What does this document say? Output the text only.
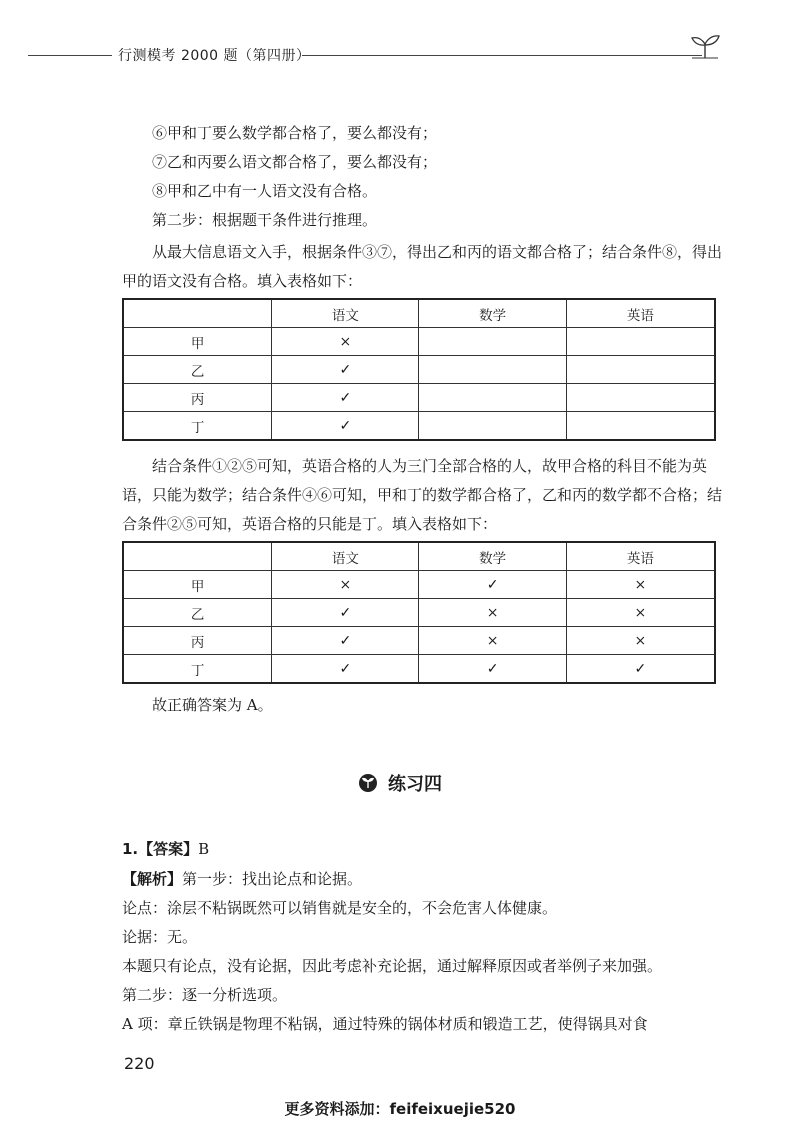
行测模考 2000 题（第四册）
⑥甲和丁要么数学都合格了，要么都没有；
⑦乙和丙要么语文都合格了，要么都没有；
⑧甲和乙中有一人语文没有合格。
第二步：根据题干条件进行推理。
从最大信息语文入手，根据条件③⑦，得出乙和丙的语文都合格了；结合条件⑧，得出甲的语文没有合格。填入表格如下：
	语文	数学	英语
甲	×		
乙	✓		
丙	✓		
丁	✓		
结合条件①②⑤可知，英语合格的人为三门全部合格的人，故甲合格的科目不能为英语，只能为数学；结合条件④⑥可知，甲和丁的数学都合格了，乙和丙的数学都不合格；结合条件②⑤可知，英语合格的只能是丁。填入表格如下：
	语文	数学	英语
甲	×	✓	×
乙	✓	×	×
丙	✓	×	×
丁	✓	✓	✓
故正确答案为 A。
练习四
1.【答案】B
【解析】第一步：找出论点和论据。
论点：涂层不粘锅既然可以销售就是安全的，不会危害人体健康。
论据：无。
本题只有论点，没有论据，因此考虑补充论据，通过解释原因或者举例子来加强。
第二步：逐一分析选项。
A 项：章丘铁锅是物理不粘锅，通过特殊的锅体材质和锻造工艺，使得锅具对食
220
更多资料添加：feifeixuejie520
